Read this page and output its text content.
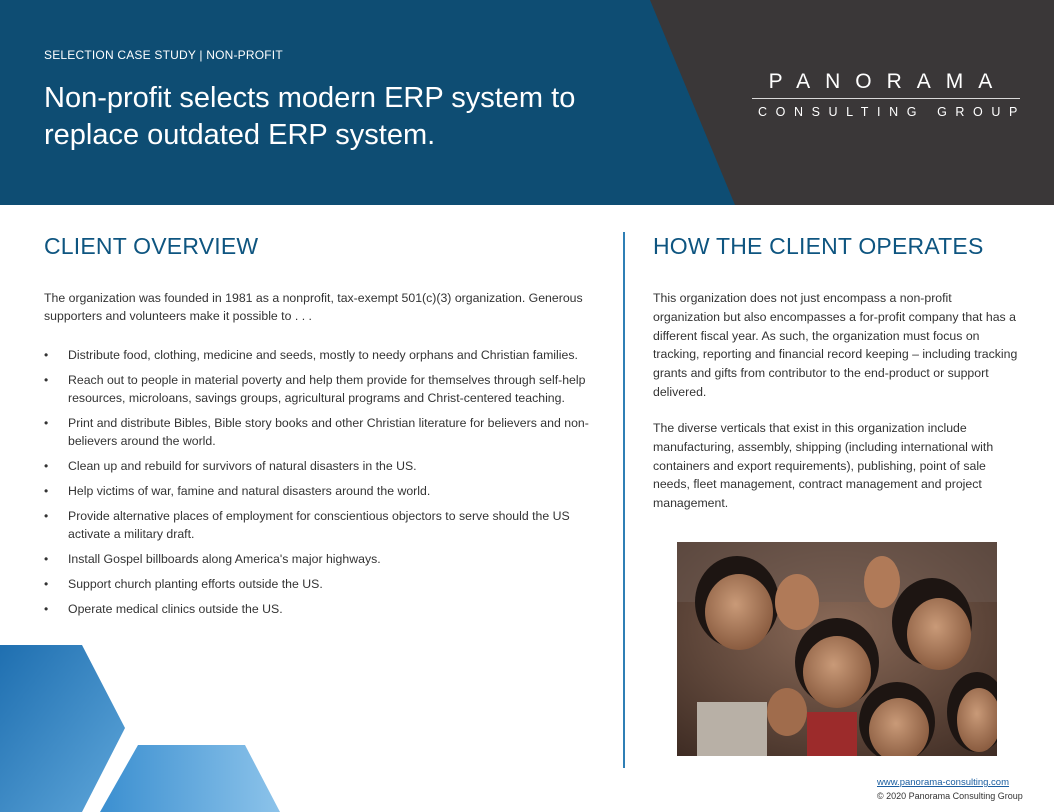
SELECTION CASE STUDY | NON-PROFIT
Non-profit selects modern ERP system to replace outdated ERP system.
PANORAMA
CONSULTING GROUP
CLIENT OVERVIEW

The organization was founded in 1981 as a nonprofit, tax-exempt 501(c)(3) organization. Generous supporters and volunteers make it possible to . . .

• Distribute food, clothing, medicine and seeds, mostly to needy orphans and Christian families.
• Reach out to people in material poverty and help them provide for themselves through self-help resources, microloans, savings groups, agricultural programs and Christ-centered teaching.
• Print and distribute Bibles, Bible story books and other Christian literature for believers and non-believers around the world.
• Clean up and rebuild for survivors of natural disasters in the US.
• Help victims of war, famine and natural disasters around the world.
• Provide alternative places of employment for conscientious objectors to serve should the US activate a military draft.
• Install Gospel billboards along America's major highways.
• Support church planting efforts outside the US.
• Operate medical clinics outside the US.
HOW THE CLIENT OPERATES

This organization does not just encompass a non-profit organization but also encompasses a for-profit company that has a different fiscal year. As such, the organization must focus on tracking, reporting and financial record keeping – including tracking grants and gifts from contributor to the end-product or support delivered.

The diverse verticals that exist in this organization include manufacturing, assembly, shipping (including international with containers and export requirements), publishing, point of sale needs, fleet management, contract management and project management.

www.panorama-consulting.com
© 2020 Panorama Consulting Group
